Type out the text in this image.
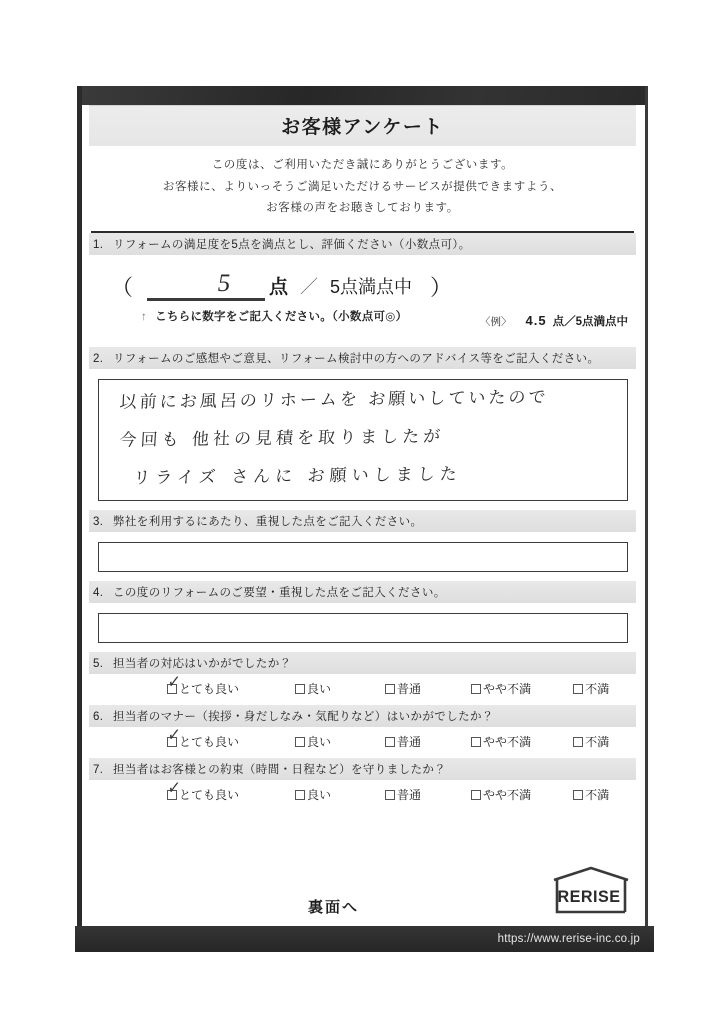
お客様アンケート

この度は、ご利用いただき誠にありがとうございます。

お客様に、よりいっそうご満足いただけるサービスが提供できますよう、

お客様の声をお聴きしております。

1. リフォームの満足度を5点を満点とし、評価ください（小数点可）。
（	5	点 ／ 5点満点中 ）
↑ こちらに数字をご記入ください。（小数点可◎）	〈例〉 4.5 点／5点満点中
2. リフォームのご感想やご意見、リフォーム検討中の方へのアドバイス等をご記入ください。
以前にお風呂のリホームを お願いしていたので
今回も 他社の見積を取りましたが
リライズ さんに お願いしました
3. 弊社を利用するにあたり、重視した点をご記入ください。
4. この度のリフォームのご要望・重視した点をご記入ください。
5. 担当者の対応はいかがでしたか？
✓
とても良い	良い	普通	やや不満	不満
6. 担当者のマナー（挨拶・身だしなみ・気配りなど）はいかがでしたか？
✓
とても良い	良い	普通	やや不満	不満
7. 担当者はお客様との約束（時間・日程など）を守りましたか？
✓
とても良い	良い	普通	やや不満	不満
裏面へ
RERISE
https://www.rerise-inc.co.jp
